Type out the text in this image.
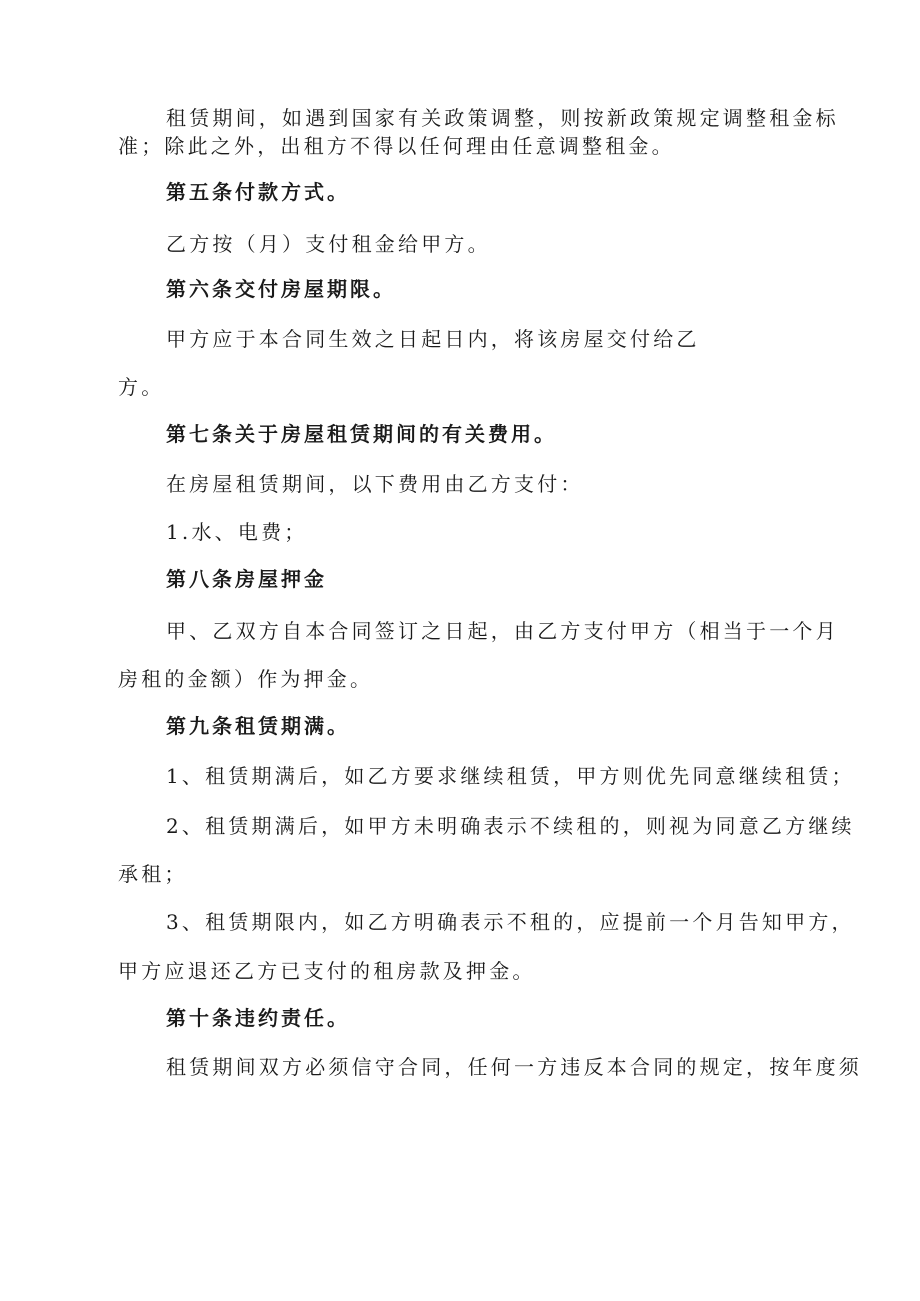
租赁期间，如遇到国家有关政策调整，则按新政策规定调整租金标
准；除此之外，出租方不得以任何理由任意调整租金。
第五条付款方式。
乙方按（月）支付租金给甲方。
第六条交付房屋期限。
甲方应于本合同生效之日起日内，将该房屋交付给乙
方。
第七条关于房屋租赁期间的有关费用。
在房屋租赁期间，以下费用由乙方支付：
1.水、电费；
第八条房屋押金
甲、乙双方自本合同签订之日起，由乙方支付甲方（相当于一个月
房租的金额）作为押金。
第九条租赁期满。
1、租赁期满后，如乙方要求继续租赁，甲方则优先同意继续租赁；
2、租赁期满后，如甲方未明确表示不续租的，则视为同意乙方继续
承租；
3、租赁期限内，如乙方明确表示不租的，应提前一个月告知甲方，
甲方应退还乙方已支付的租房款及押金。
第十条违约责任。
租赁期间双方必须信守合同，任何一方违反本合同的规定，按年度须
